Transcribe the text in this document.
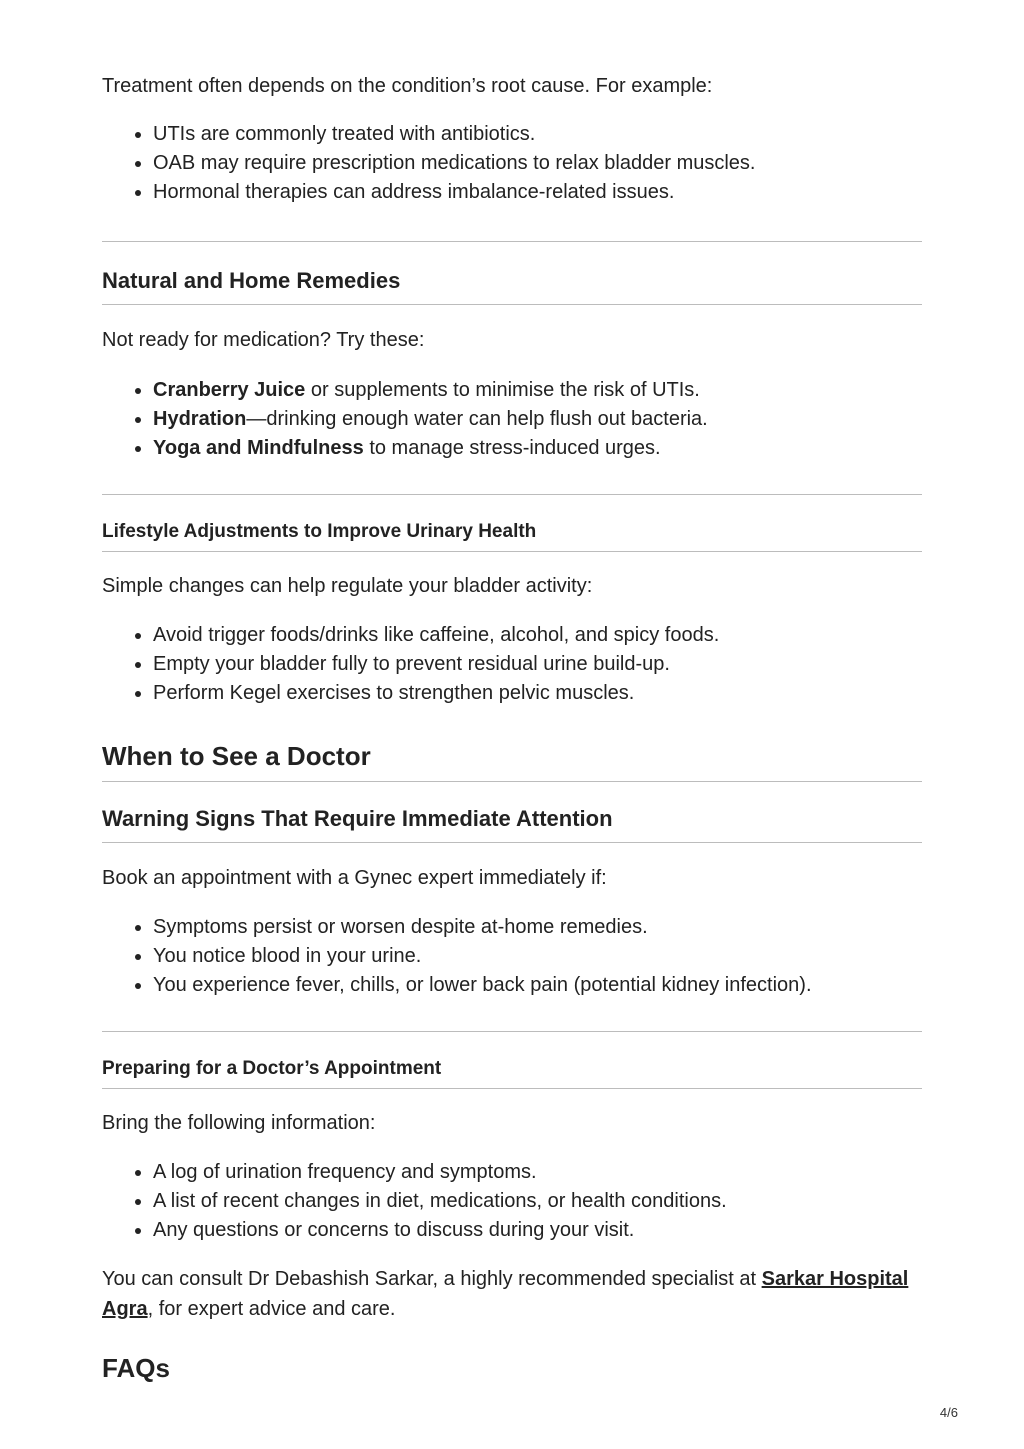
Treatment often depends on the condition’s root cause. For example:

• UTIs are commonly treated with antibiotics.
• OAB may require prescription medications to relax bladder muscles.
• Hormonal therapies can address imbalance-related issues.
Natural and Home Remedies

Not ready for medication? Try these:

• Cranberry Juice or supplements to minimise the risk of UTIs.
• Hydration—drinking enough water can help flush out bacteria.
• Yoga and Mindfulness to manage stress-induced urges.
Lifestyle Adjustments to Improve Urinary Health

Simple changes can help regulate your bladder activity:

• Avoid trigger foods/drinks like caffeine, alcohol, and spicy foods.
• Empty your bladder fully to prevent residual urine build-up.
• Perform Kegel exercises to strengthen pelvic muscles.
When to See a Doctor
Warning Signs That Require Immediate Attention

Book an appointment with a Gynec expert immediately if:

• Symptoms persist or worsen despite at-home remedies.
• You notice blood in your urine.
• You experience fever, chills, or lower back pain (potential kidney infection).
Preparing for a Doctor’s Appointment

Bring the following information:

• A log of urination frequency and symptoms.
• A list of recent changes in diet, medications, or health conditions.
• Any questions or concerns to discuss during your visit.

You can consult Dr Debashish Sarkar, a highly recommended specialist at Sarkar Hospital Agra, for expert advice and care.

FAQs
4/6
